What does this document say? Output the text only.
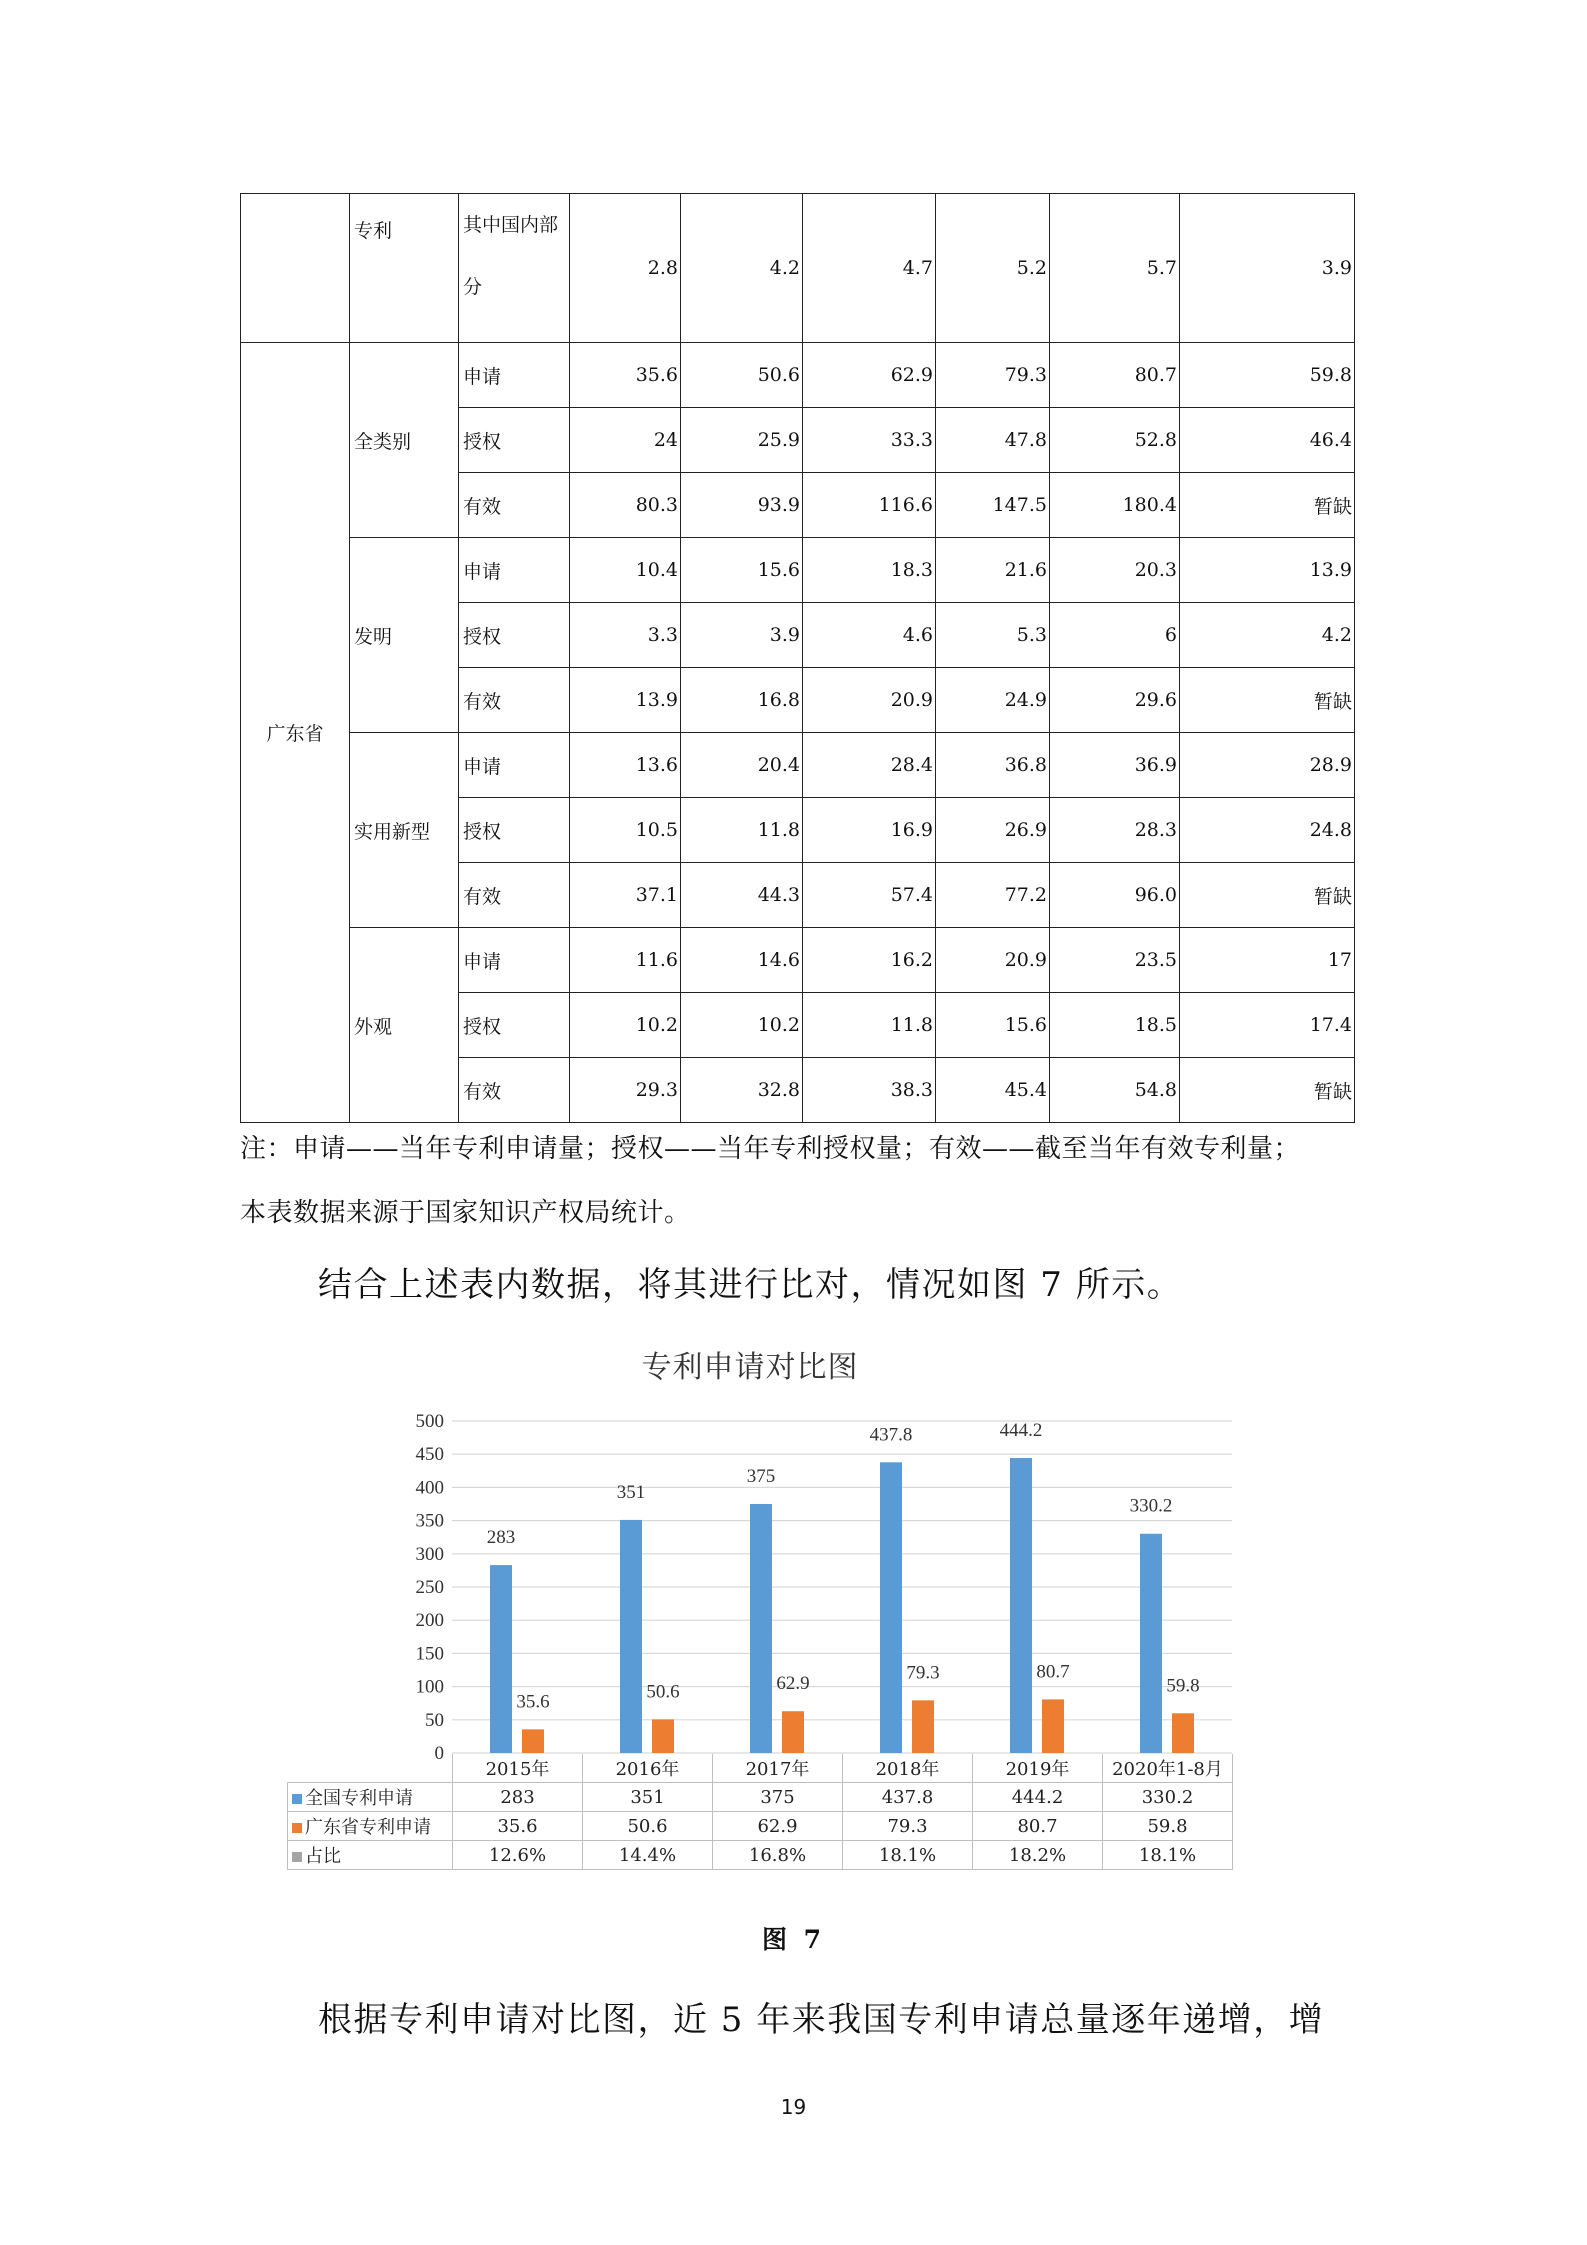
	专利	其中国内部分	2.8	4.2	4.7	5.2	5.7	3.9
广东省	全类别	申请	35.6	50.6	62.9	79.3	80.7	59.8
		授权	24	25.9	33.3	47.8	52.8	46.4
		有效	80.3	93.9	116.6	147.5	180.4	暂缺
	发明	申请	10.4	15.6	18.3	21.6	20.3	13.9
		授权	3.3	3.9	4.6	5.3	6	4.2
		有效	13.9	16.8	20.9	24.9	29.6	暂缺
	实用新型	申请	13.6	20.4	28.4	36.8	36.9	28.9
		授权	10.5	11.8	16.9	26.9	28.3	24.8
		有效	37.1	44.3	57.4	77.2	96.0	暂缺
	外观	申请	11.6	14.6	16.2	20.9	23.5	17
		授权	10.2	10.2	11.8	15.6	18.5	17.4
		有效	29.3	32.8	38.3	45.4	54.8	暂缺
注：申请——当年专利申请量；授权——当年专利授权量；有效——截至当年有效专利量；
本表数据来源于国家知识产权局统计。
结合上述表内数据，将其进行比对，情况如图 7 所示。
专利申请对比图
0
50
100
150
200
250
300
350
400
450
500
283
351
375
437.8	444.2
330.2
35.6	50.6	62.9
79.3	80.7
59.8
	2015年	2016年	2017年	2018年	2019年	2020年1-8月
全国专利申请	283	351	375	437.8	444.2	330.2
广东省专利申请	35.6	50.6	62.9	79.3	80.7	59.8
占比	12.6%	14.4%	16.8%	18.1%	18.2%	18.1%
图 7
根据专利申请对比图，近 5 年来我国专利申请总量逐年递增，增
19
